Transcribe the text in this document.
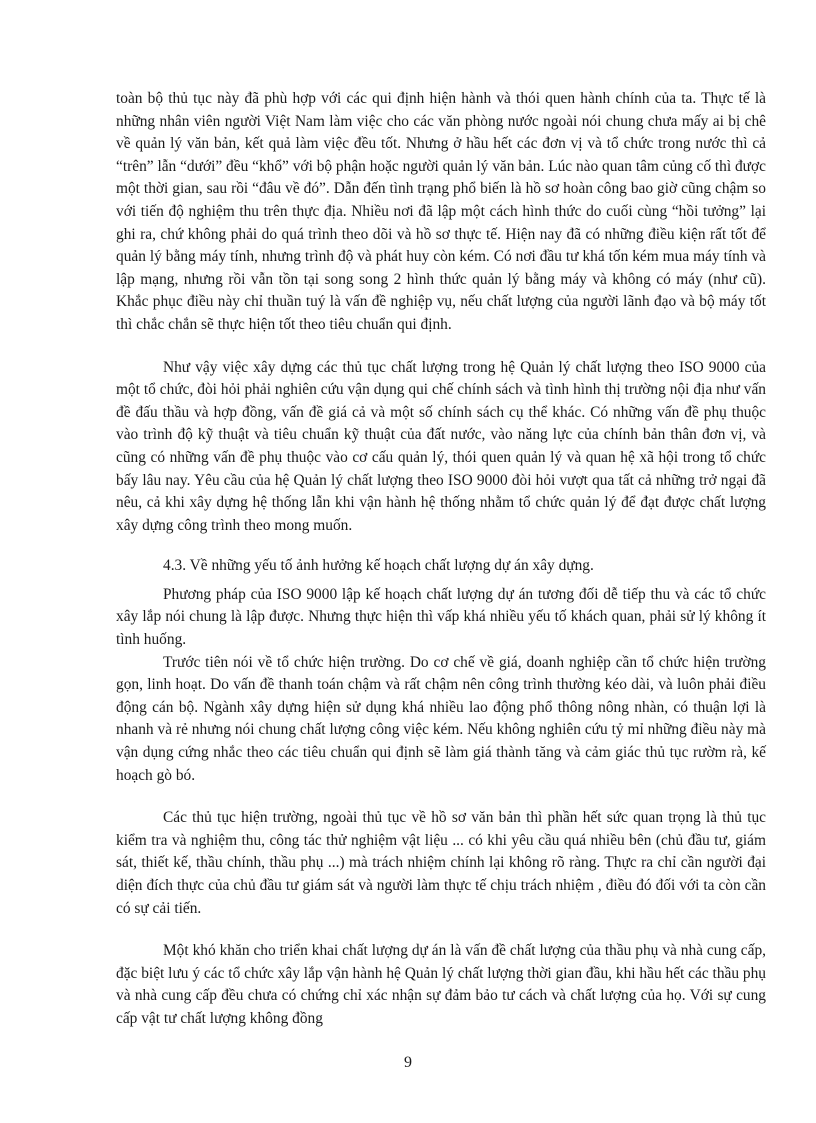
toàn bộ thủ tục này đã phù hợp với các qui định hiện hành và thói quen hành chính của ta. Thực tế là những nhân viên người Việt Nam làm việc cho các văn phòng nước ngoài nói chung chưa mấy ai bị chê về quản lý văn bản, kết quả làm việc đều tốt. Nhưng ở hầu hết các đơn vị và tổ chức trong nước thì cả “trên” lẫn “dưới” đều “khổ” với bộ phận hoặc người quản lý văn bản. Lúc nào quan tâm củng cố thì được một thời gian, sau rồi “đâu về đó”. Dẫn đến tình trạng phổ biến là hồ sơ hoàn công bao giờ cũng chậm so với tiến độ nghiệm thu trên thực địa. Nhiều nơi đã lập một cách hình thức do cuối cùng “hồi tưởng” lại ghi ra, chứ không phải do quá trình theo dõi và hồ sơ thực tế. Hiện nay đã có những điều kiện rất tốt để quản lý bằng máy tính, nhưng trình độ và phát huy còn kém. Có nơi đầu tư khá tốn kém mua máy tính và lập mạng, nhưng rồi vẫn tồn tại song song 2 hình thức quản lý bằng máy và không có máy (như cũ). Khắc phục điều này chỉ thuần tuý là vấn đề nghiệp vụ, nếu chất lượng của người lãnh đạo và bộ máy tốt thì chắc chắn sẽ thực hiện tốt theo tiêu chuẩn qui định.

Như vậy việc xây dựng các thủ tục chất lượng trong hệ Quản lý chất lượng theo ISO 9000 của một tổ chức, đòi hỏi phải nghiên cứu vận dụng qui chế chính sách và tình hình thị trường nội địa như vấn đề đấu thầu và hợp đồng, vấn đề giá cả và một số chính sách cụ thể khác. Có những vấn đề phụ thuộc vào trình độ kỹ thuật và tiêu chuẩn kỹ thuật của đất nước, vào năng lực của chính bản thân đơn vị, và cũng có những vấn đề phụ thuộc vào cơ cấu quản lý, thói quen quản lý và quan hệ xã hội trong tổ chức bấy lâu nay. Yêu cầu của hệ Quản lý chất lượng theo ISO 9000 đòi hỏi vượt qua tất cả những trở ngại đã nêu, cả khi xây dựng hệ thống lẫn khi vận hành hệ thống nhằm tổ chức quản lý để đạt được chất lượng xây dựng công trình theo mong muốn.

4.3. Về những yếu tố ảnh hưởng kế hoạch chất lượng dự án xây dựng.

Phương pháp của ISO 9000 lập kế hoạch chất lượng dự án tương đối dễ tiếp thu và các tổ chức xây lắp nói chung là lập được. Nhưng thực hiện thì vấp khá nhiều yếu tố khách quan, phải sử lý không ít tình huống.

Trước tiên nói về tổ chức hiện trường. Do cơ chế về giá, doanh nghiệp cần tổ chức hiện trường gọn, linh hoạt. Do vấn đề thanh toán chậm và rất chậm nên công trình thường kéo dài, và luôn phải điều động cán bộ. Ngành xây dựng hiện sử dụng khá nhiều lao động phổ thông nông nhàn, có thuận lợi là nhanh và rẻ nhưng nói chung chất lượng công việc kém. Nếu không nghiên cứu tỷ mỉ những điều này mà vận dụng cứng nhắc theo các tiêu chuẩn qui định sẽ làm giá thành tăng và cảm giác thủ tục rườm rà, kế hoạch gò bó.

Các thủ tục hiện trường, ngoài thủ tục về hồ sơ văn bản thì phần hết sức quan trọng là thủ tục kiểm tra và nghiệm thu, công tác thử nghiệm vật liệu ... có khi yêu cầu quá nhiều bên (chủ đầu tư, giám sát, thiết kế, thầu chính, thầu phụ ...) mà trách nhiệm chính lại không rõ ràng. Thực ra chỉ cần người đại diện đích thực của chủ đầu tư giám sát và người làm thực tế chịu trách nhiệm , điều đó đối với ta còn cần có sự cải tiến.

Một khó khăn cho triển khai chất lượng dự án là vấn đề chất lượng của thầu phụ và nhà cung cấp, đặc biệt lưu ý các tổ chức xây lắp vận hành hệ Quản lý chất lượng thời gian đầu, khi hầu hết các thầu phụ và nhà cung cấp đều chưa có chứng chỉ xác nhận sự đảm bảo tư cách và chất lượng của họ. Với sự cung cấp vật tư chất lượng không đồng

9
